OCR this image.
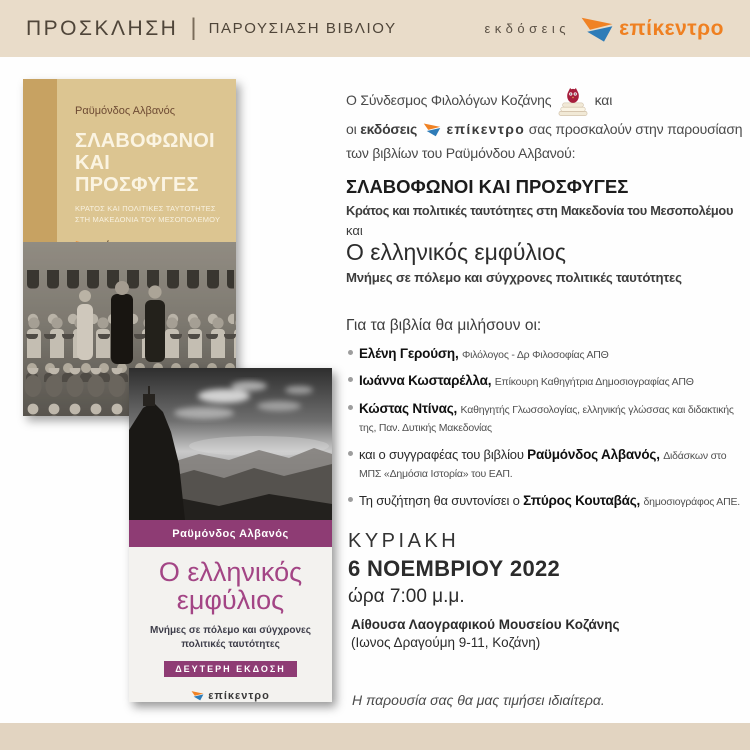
ΠΡΟΣΚΛΗΣΗ | ΠΑΡΟΥΣΙΑΣΗ ΒΙΒΛΙΟΥ	εκδόσεις επίκεντρο
Ραϋμόνδος Αλβανός
ΣΛΑΒΟΦΩΝΟΙ
ΚΑΙ ΠΡΟΣΦΥΓΕΣ
ΚΡΑΤΟΣ ΚΑΙ ΠΟΛΙΤΙΚΕΣ ΤΑΥΤΟΤΗΤΕΣ
ΣΤΗ ΜΑΚΕΔΟΝΙΑ ΤΟΥ ΜΕΣΟΠΟΛΕΜΟΥ
Ραϋμόνδος Αλβανός
Ο ελληνικός
εμφύλιος
Μνήμες σε πόλεμο και σύγχρονες
πολιτικές ταυτότητες
ΔΕΥΤΕΡΗ ΕΚΔΟΣΗ
επίκεντρο
Ο Σύνδεσμος Φιλολόγων Κοζάνης	και
οι εκδόσεις επίκεντρο σας προσκαλούν στην παρουσίαση
των βιβλίων του Ραϋμόνδου Αλβανού:
ΣΛΑΒΟΦΩΝΟΙ ΚΑΙ ΠΡΟΣΦΥΓΕΣ
Κράτος και πολιτικές ταυτότητες στη Μακεδονία του Μεσοπολέμου
και
Ο ελληνικός εμφύλιος
Μνήμες σε πόλεμο και σύγχρονες πολιτικές ταυτότητες

Για τα βιβλία θα μιλήσουν οι:

Ελένη Γερούση, Φιλόλογος - Δρ Φιλοσοφίας ΑΠΘ
Ιωάννα Κωσταρέλλα, Επίκουρη Καθηγήτρια Δημοσιογραφίας ΑΠΘ
Κώστας Ντίνας, Καθηγητής Γλωσσολογίας, ελληνικής γλώσσας και διδακτικής της, Παν. Δυτικής Μακεδονίας
και ο συγγραφέας του βιβλίου Ραϋμόνδος Αλβανός, Διδάσκων στο ΜΠΣ «Δημόσια Ιστορία» του ΕΑΠ.
Τη συζήτηση θα συντονίσει ο Σπύρος Κουταβάς, δημοσιογράφος ΑΠΕ.
ΚΥΡΙΑΚΗ
6 ΝΟΕΜΒΡΙΟΥ 2022
ώρα 7:00 μ.μ.
Αίθουσα Λαογραφικού Μουσείου Κοζάνης
(Ιωνος Δραγούμη 9-11, Κοζάνη)

Η παρουσία σας θα μας τιμήσει ιδιαίτερα.
